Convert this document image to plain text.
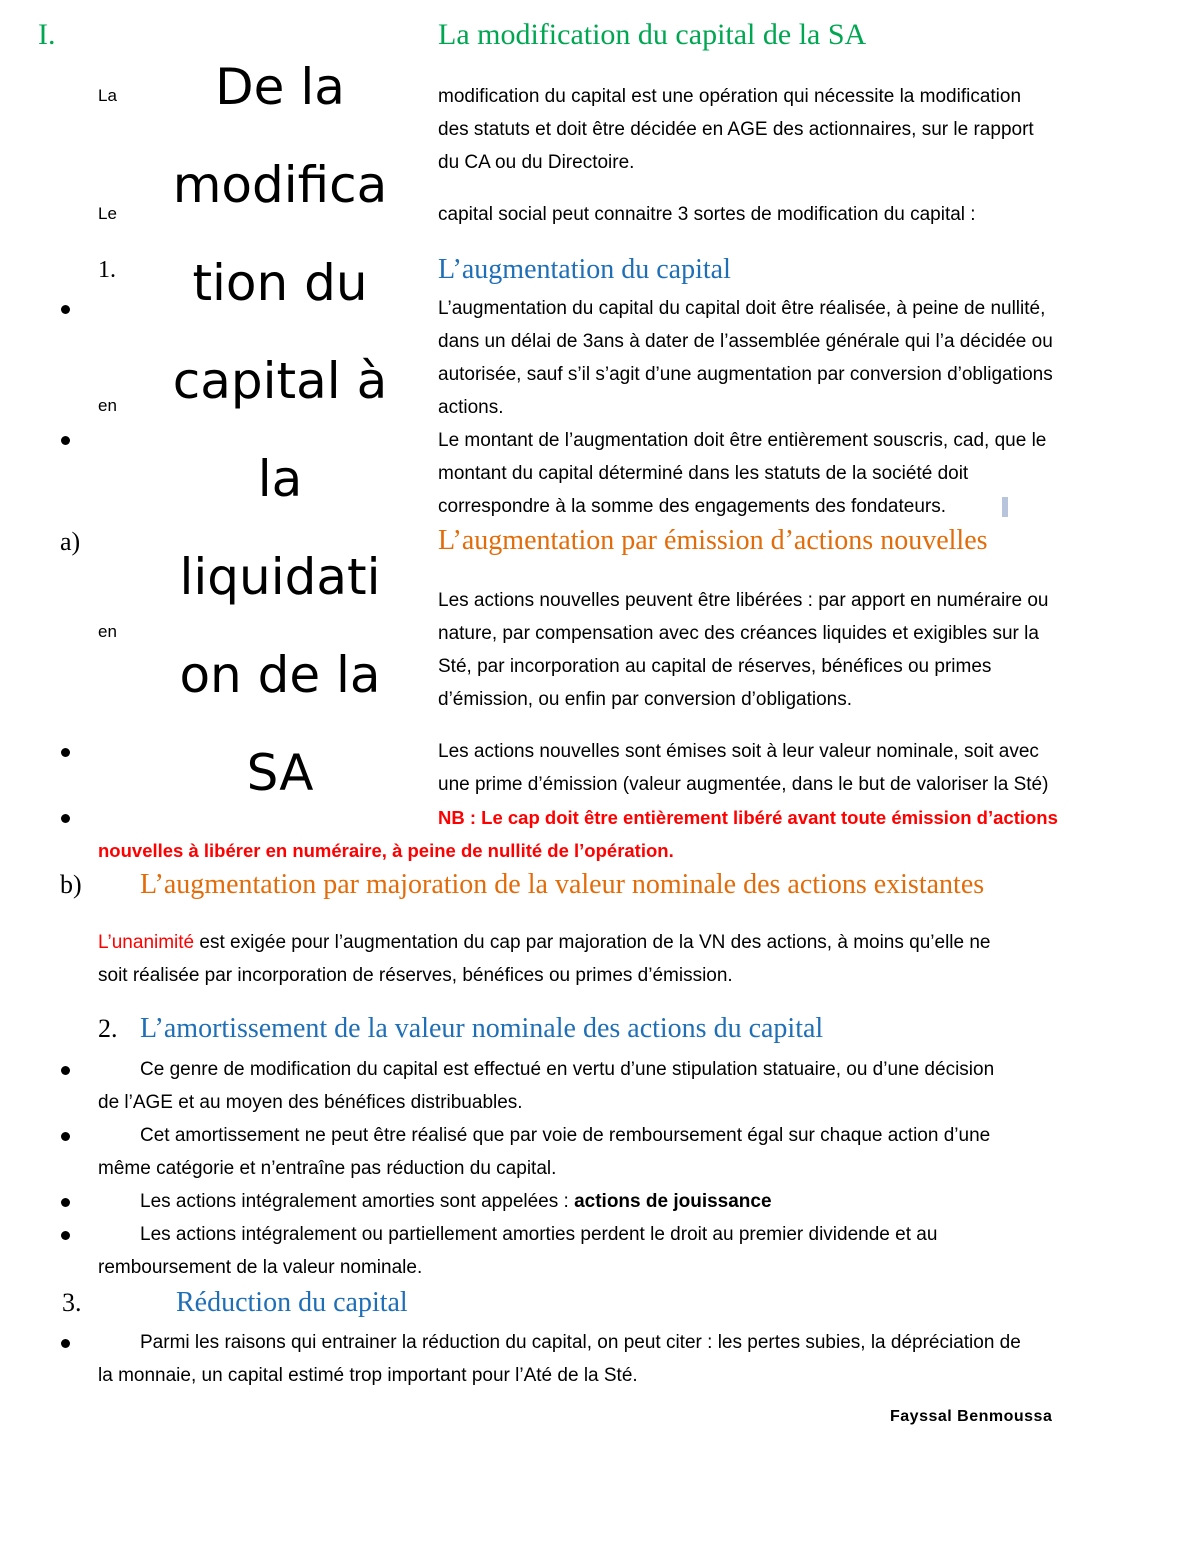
I.	La modification du capital de la SA
La	modification du capital est une opération qui nécessite la modification
des statuts et doit être décidée en AGE des actionnaires, sur le rapport
du CA ou du Directoire.
Le	capital social peut connaitre 3 sortes de modification du capital :
De la
modifica
tion du
capital à
la
liquidati
on de la
SA
1.	L’augmentation du capital
L’augmentation du capital du capital doit être réalisée, à peine de nullité,
dans un délai de 3ans à dater de l’assemblée générale qui l’a décidée ou
autorisée, sauf s’il s’agit d’une augmentation par conversion d’obligations
en	actions.
Le montant de l’augmentation doit être entièrement souscris, cad, que le
montant du capital déterminé dans les statuts de la société doit
correspondre à la somme des engagements des fondateurs.
a)	L’augmentation par émission d’actions nouvelles
Les actions nouvelles peuvent être libérées : par apport en numéraire ou
en	nature, par compensation avec des créances liquides et exigibles sur la
Sté, par incorporation au capital de réserves, bénéfices ou primes
d’émission, ou enfin par conversion d’obligations.
Les actions nouvelles sont émises soit à leur valeur nominale, soit avec
une prime d’émission (valeur augmentée, dans le but de valoriser la Sté)
NB : Le cap doit être entièrement libéré avant toute émission d’actions
nouvelles à libérer en numéraire, à peine de nullité de l’opération.
b) L’augmentation par majoration de la valeur nominale des actions existantes
L’unanimité est exigée pour l’augmentation du cap par majoration de la VN des actions, à moins qu’elle ne
soit réalisée par incorporation de réserves, bénéfices ou primes d’émission.
2. L’amortissement de la valeur nominale des actions du capital
Ce genre de modification du capital est effectué en vertu d’une stipulation statuaire, ou d’une décision
de l’AGE et au moyen des bénéfices distribuables.
Cet amortissement ne peut être réalisé que par voie de remboursement égal sur chaque action d’une
même catégorie et n’entraîne pas réduction du capital.
Les actions intégralement amorties sont appelées : actions de jouissance
Les actions intégralement ou partiellement amorties perdent le droit au premier dividende et au
remboursement de la valeur nominale.
3.	Réduction du capital
Parmi les raisons qui entrainer la réduction du capital, on peut citer : les pertes subies, la dépréciation de
la monnaie, un capital estimé trop important pour l’Até de la Sté.
Fayssal Benmoussa
